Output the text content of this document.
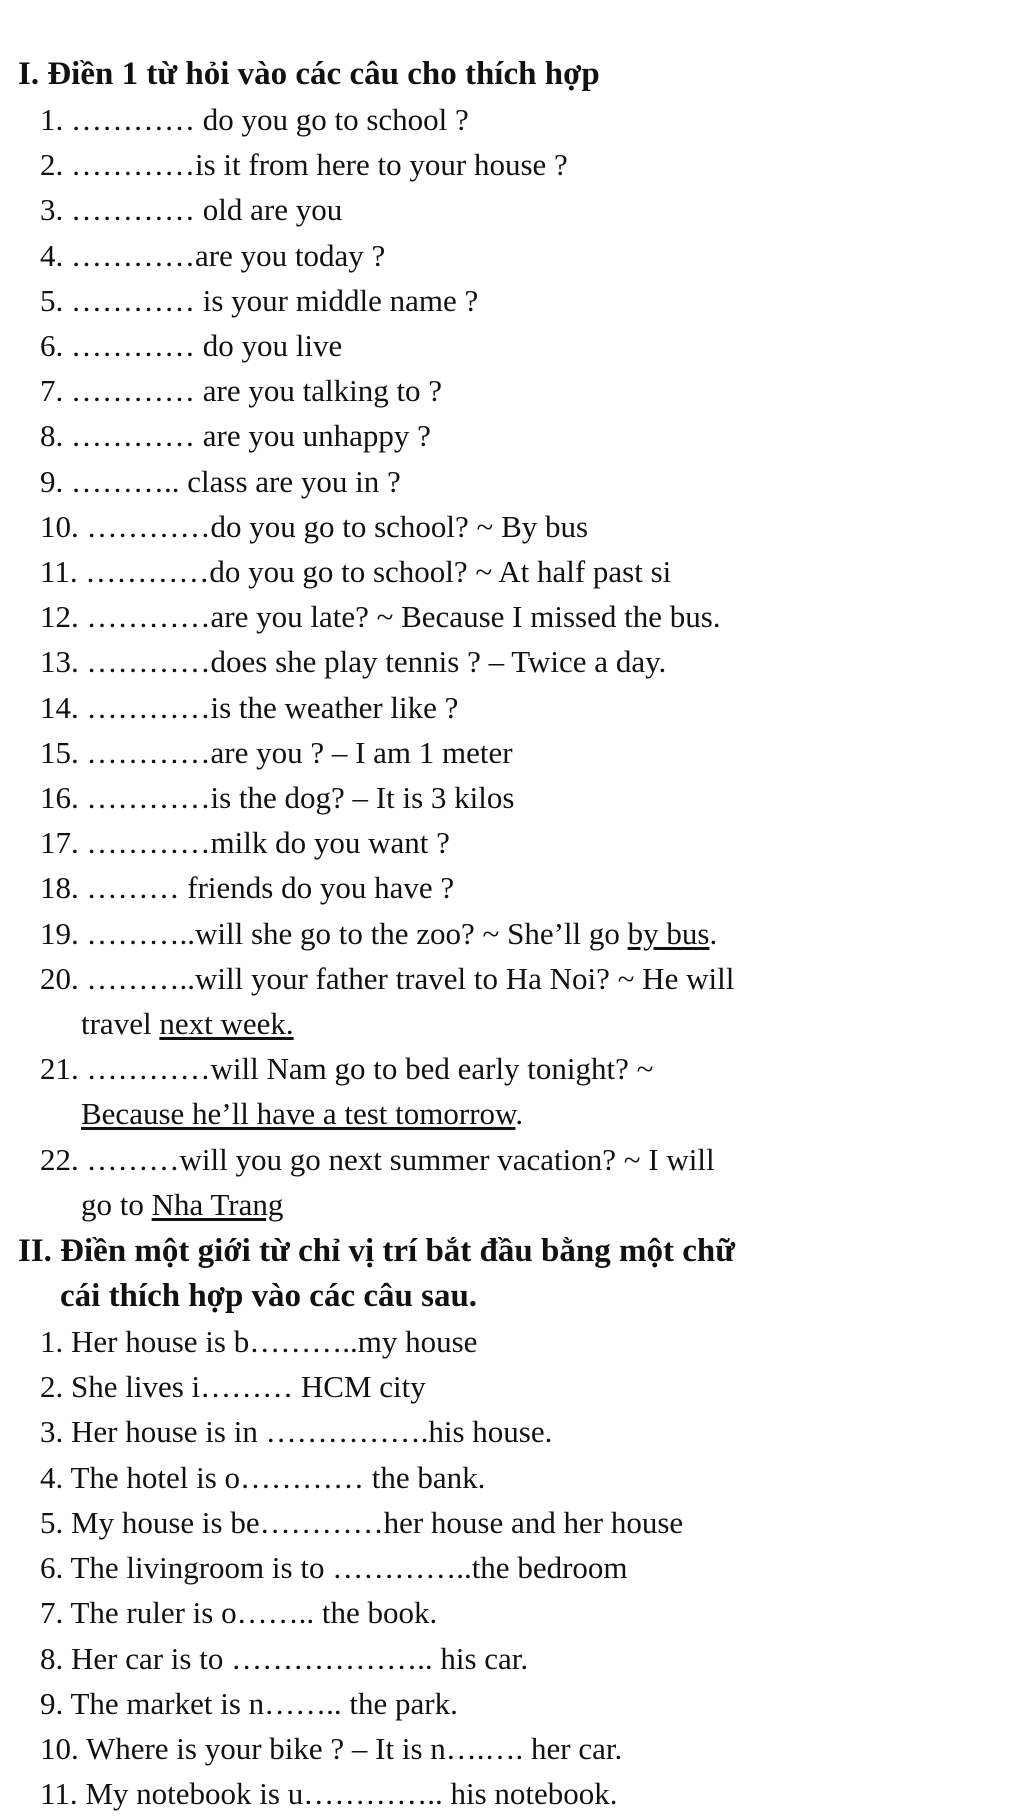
I. Điền 1 từ hỏi vào các câu cho thích hợp

1. ………… do you go to school ?

2. …………is it from here to your house ?

3. ………… old are you

4. …………are you today ?

5. ………… is your middle name ?

6. ………… do you live

7. ………… are you talking to ?

8. ………… are you unhappy ?

9. ……….. class are you in ?

10. …………do you go to school? ~ By bus

11. …………do you go to school? ~ At half past si

12. …………are you late? ~ Because I missed the bus.

13. …………does she play tennis ? – Twice a day.

14. …………is the weather like ?

15. …………are you ? – I am 1 meter

16. …………is the dog? – It is 3 kilos

17. …………milk do you want ?

18. ……… friends do you have ?

19. ………..will she go to the zoo? ~ She’ll go by bus.

20. ………..will your father travel to Ha Noi? ~ He will

travel next week.

21. …………will Nam go to bed early tonight? ~

Because he’ll have a test tomorrow.

22. ………will you go next summer vacation? ~ I will

go to Nha Trang

II. Điền một giới từ chỉ vị trí bắt đầu bằng một chữ
cái thích hợp vào các câu sau.

1. Her house is b………..my house

2. She lives i……… HCM city

3. Her house is in …………….his house.

4. The hotel is o………… the bank.

5. My house is be…………her house and her house

6. The livingroom is to …………..the bedroom

7. The ruler is o…….. the book.

8. Her car is to ……………….. his car.

9. The market is n…….. the park.

10. Where is your bike ? – It is n….…. her car.

11. My notebook is u………….. his notebook.
